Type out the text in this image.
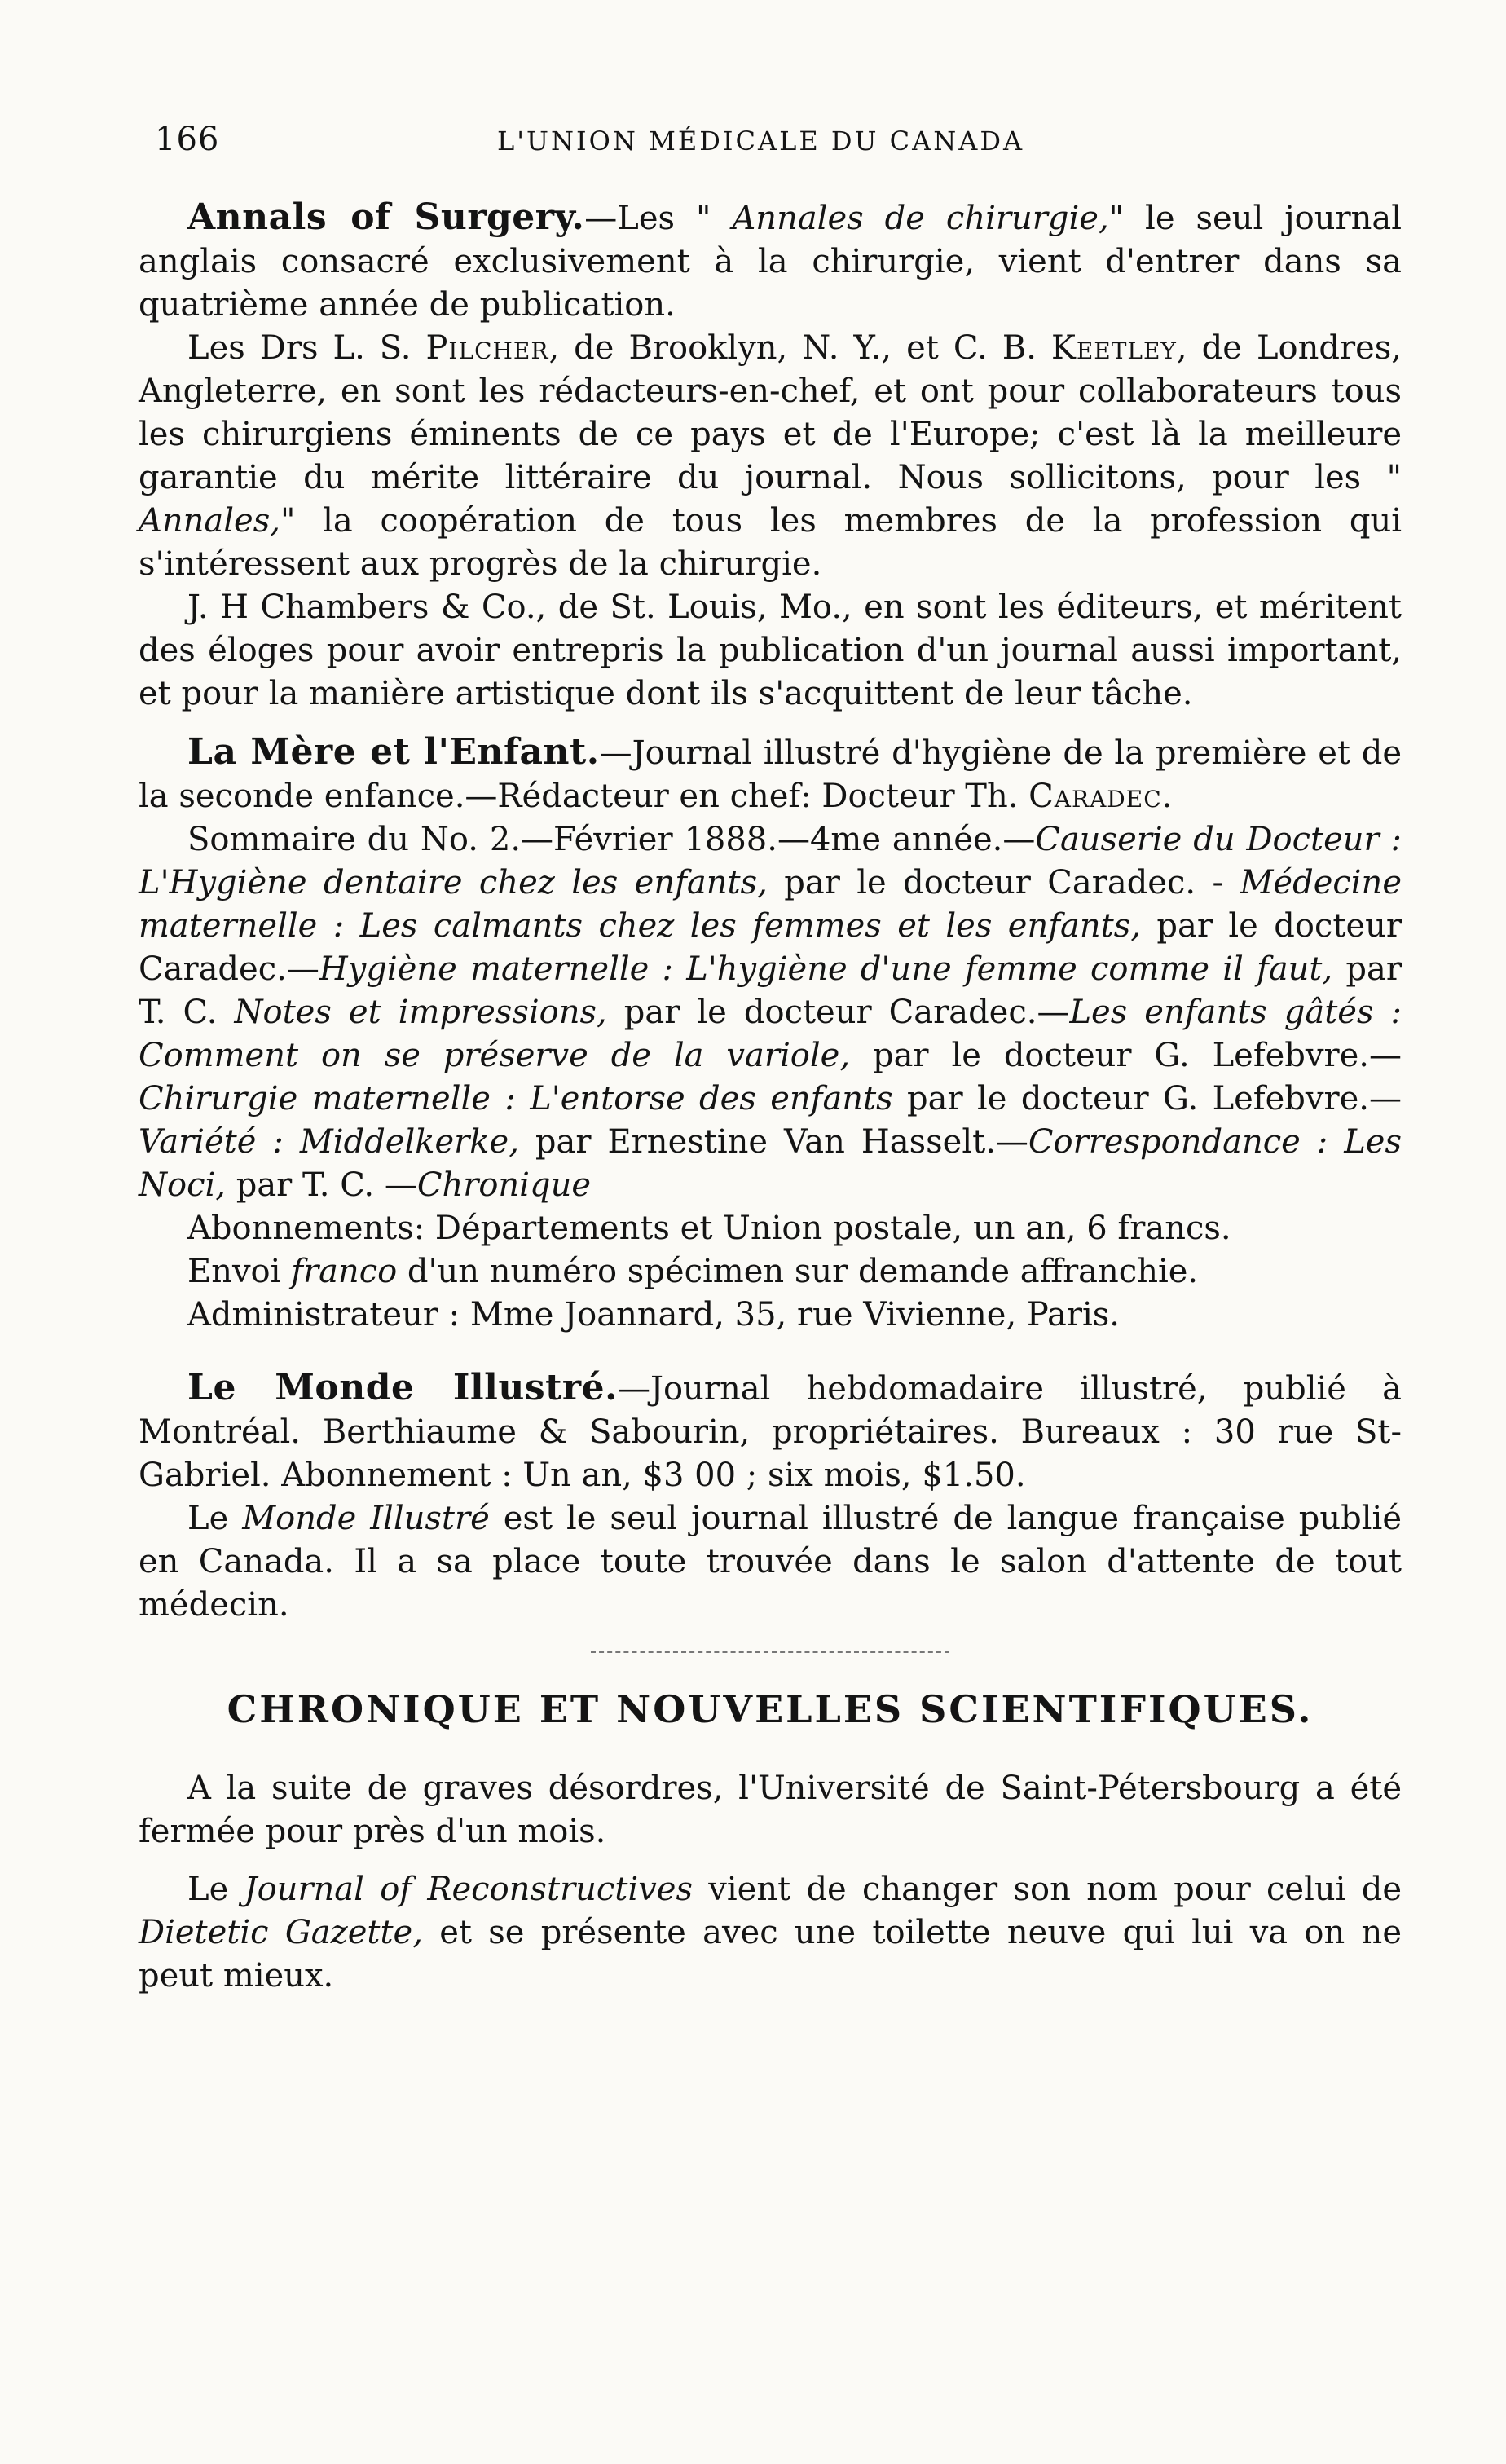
166	L'UNION MÉDICALE DU CANADA

Annals of Surgery.—Les " Annales de chirurgie," le seul journal anglais consacré exclusivement à la chirurgie, vient d'entrer dans sa quatrième année de publication.

Les Drs L. S. Pilcher, de Brooklyn, N. Y., et C. B. Keetley, de Londres, Angleterre, en sont les rédacteurs-en-chef, et ont pour collaborateurs tous les chirurgiens éminents de ce pays et de l'Europe; c'est là la meilleure garantie du mérite littéraire du journal. Nous sollicitons, pour les " Annales," la coopération de tous les membres de la profession qui s'intéressent aux progrès de la chirurgie.

J. H Chambers & Co., de St. Louis, Mo., en sont les éditeurs, et méritent des éloges pour avoir entrepris la publication d'un journal aussi important, et pour la manière artistique dont ils s'acquittent de leur tâche.

La Mère et l'Enfant.—Journal illustré d'hygiène de la première et de la seconde enfance.—Rédacteur en chef: Docteur Th. Caradec.

Sommaire du No. 2.—Février 1888.—4me année.—Causerie du Docteur : L'Hygiène dentaire chez les enfants, par le docteur Caradec. - Médecine maternelle : Les calmants chez les femmes et les enfants, par le docteur Caradec.—Hygiène maternelle : L'hygiène d'une femme comme il faut, par T. C. Notes et impressions, par le docteur Caradec.—Les enfants gâtés : Comment on se préserve de la variole, par le docteur G. Lefebvre.—Chirurgie maternelle : L'entorse des enfants par le docteur G. Lefebvre.—Variété : Middelkerke, par Ernestine Van Hasselt.—Correspondance : Les Noci, par T. C. —Chronique

Abonnements: Départements et Union postale, un an, 6 francs.

Envoi franco d'un numéro spécimen sur demande affranchie.

Administrateur : Mme Joannard, 35, rue Vivienne, Paris.

Le Monde Illustré.—Journal hebdomadaire illustré, publié à Montréal. Berthiaume & Sabourin, propriétaires. Bureaux : 30 rue St-Gabriel. Abonnement : Un an, $3 00 ; six mois, $1.50.

Le Monde Illustré est le seul journal illustré de langue française publié en Canada. Il a sa place toute trouvée dans le salon d'attente de tout médecin.

CHRONIQUE ET NOUVELLES SCIENTIFIQUES.

A la suite de graves désordres, l'Université de Saint-Pétersbourg a été fermée pour près d'un mois.

Le Journal of Reconstructives vient de changer son nom pour celui de Dietetic Gazette, et se présente avec une toilette neuve qui lui va on ne peut mieux.
